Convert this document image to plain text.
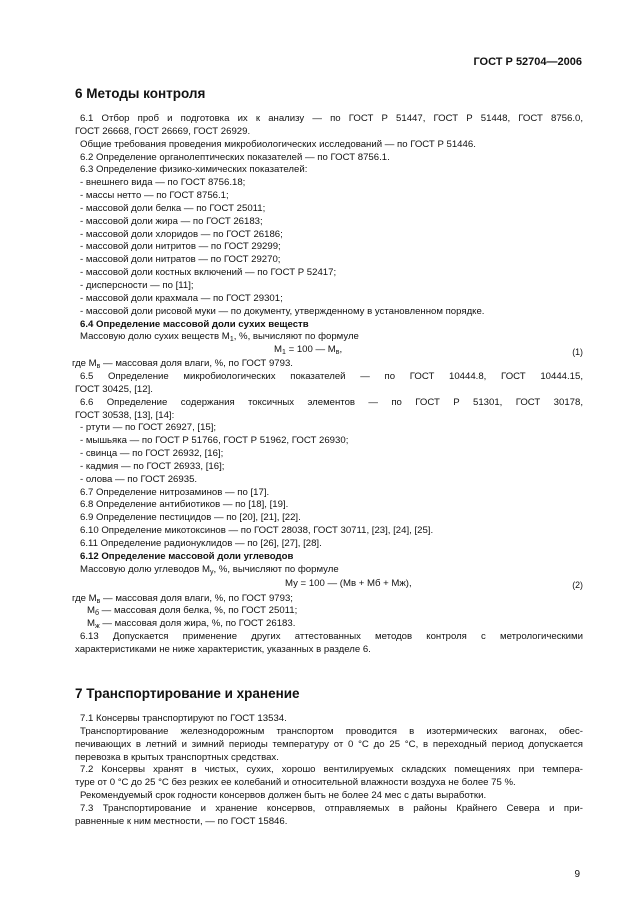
ГОСТ Р 52704—2006
6 Методы контроля
6.1 Отбор проб и подготовка их к анализу — по ГОСТ Р 51447, ГОСТ Р 51448, ГОСТ 8756.0,
ГОСТ 26668, ГОСТ 26669, ГОСТ 26929.
Общие требования проведения микробиологических исследований — по ГОСТ Р 51446.
6.2 Определение органолептических показателей — по ГОСТ 8756.1.
6.3 Определение физико-химических показателей:
- внешнего вида — по ГОСТ 8756.18;
- массы нетто — по ГОСТ 8756.1;
- массовой доли белка — по ГОСТ 25011;
- массовой доли жира — по ГОСТ 26183;
- массовой доли хлоридов — по ГОСТ 26186;
- массовой доли нитритов — по ГОСТ 29299;
- массовой доли нитратов — по ГОСТ 29270;
- массовой доли костных включений — по ГОСТ Р 52417;
- дисперсности — по [11];
- массовой доли крахмала — по ГОСТ 29301;
- массовой доли рисовой муки — по документу, утвержденному в установленном порядке.
6.4 Определение массовой доли сухих веществ
Массовую долю сухих веществ $М_1$, %, вычисляют по формуле
$М_1 = 100$ — $М_в$,	(1)
где $М_в$ — массовая доля влаги, %, по ГОСТ 9793.
6.5 Определение микробиологических показателей — по ГОСТ 10444.8, ГОСТ 10444.15,
ГОСТ 30425, [12].
6.6 Определение содержания токсичных элементов — по ГОСТ Р 51301, ГОСТ 30178,
ГОСТ 30538, [13], [14]:
- ртути — по ГОСТ 26927, [15];
- мышьяка — по ГОСТ Р 51766, ГОСТ Р 51962, ГОСТ 26930;
- свинца — по ГОСТ 26932, [16];
- кадмия — по ГОСТ 26933, [16];
- олова — по ГОСТ 26935.
6.7 Определение нитрозаминов — по [17].
6.8 Определение антибиотиков — по [18], [19].
6.9 Определение пестицидов — по [20], [21], [22].
6.10 Определение микотоксинов — по ГОСТ 28038, ГОСТ 30711, [23], [24], [25].
6.11 Определение радионуклидов — по [26], [27], [28].
6.12 Определение массовой доли углеводов
Массовую долю углеводов $М_у$, %, вычисляют по формуле
Му = 100 — (Мв + Мб + Мж),	(2)
где $М_в$ — массовая доля влаги, %, по ГОСТ 9793;
$М_б$ — массовая доля белка, %, по ГОСТ 25011;
$М_ж$ — массовая доля жира, %, по ГОСТ 26183.
6.13 Допускается применение других аттестованных методов контроля с метрологическими
характеристиками не ниже характеристик, указанных в разделе 6.
7 Транспортирование и хранение
7.1 Консервы транспортируют по ГОСТ 13534.
Транспортирование железнодорожным транспортом проводится в изотермических вагонах, обес-
печивающих в летний и зимний периоды температуру от 0 °С до 25 °С, в переходный период допускается
перевозка в крытых транспортных средствах.
7.2 Консервы хранят в чистых, сухих, хорошо вентилируемых складских помещениях при темпера-
туре от 0 °С до 25 °С без резких ее колебаний и относительной влажности воздуха не более 75 %.
Рекомендуемый срок годности консервов должен быть не более 24 мес с даты выработки.
7.3 Транспортирование и хранение консервов, отправляемых в районы Крайнего Севера и при-
равненные к ним местности, — по ГОСТ 15846.
9
